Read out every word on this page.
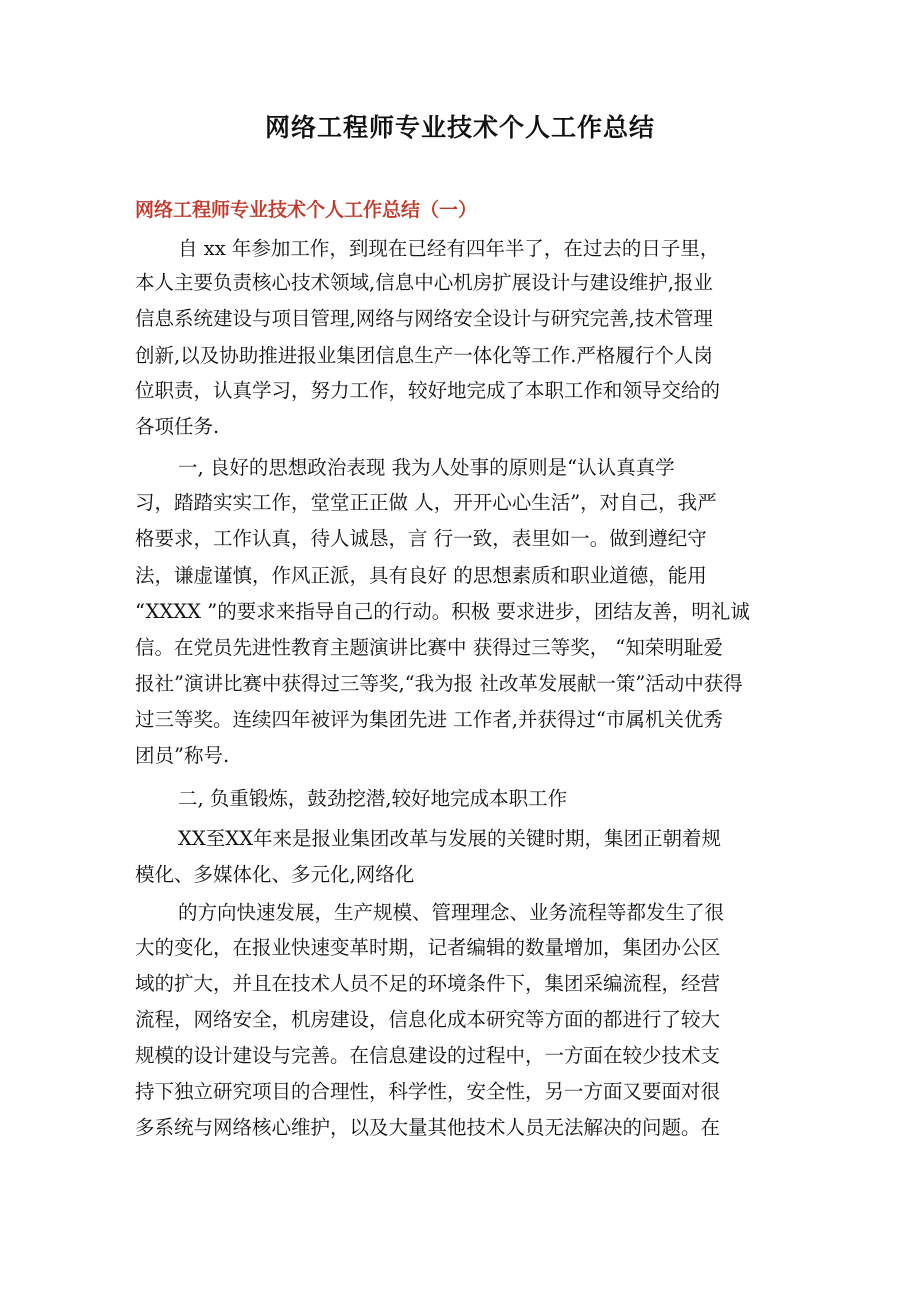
网络工程师专业技术个人工作总结
网络工程师专业技术个人工作总结（一）

自 xx 年参加工作，到现在已经有四年半了，在过去的日子里，

本人主要负责核心技术领域,信息中心机房扩展设计与建设维护,报业

信息系统建设与项目管理,网络与网络安全设计与研究完善,技术管理

创新,以及协助推进报业集团信息生产一体化等工作.严格履行个人岗

位职责，认真学习，努力工作，较好地完成了本职工作和领导交给的

各项任务.

一, 良好的思想政治表现 我为人处事的原则是“认认真真学

习，踏踏实实工作，堂堂正正做 人，开开心心生活”，对自己，我严

格要求，工作认真，待人诚恳，言 行一致，表里如一。做到遵纪守

法，谦虚谨慎，作风正派，具有良好 的思想素质和职业道德，能用

“XXXX ”的要求来指导自己的行动。积极 要求进步，团结友善，明礼诚

信。在党员先进性教育主题演讲比赛中 获得过三等奖， “知荣明耻爱

报社”演讲比赛中获得过三等奖,“我为报 社改革发展献一策”活动中获得

过三等奖。连续四年被评为集团先进 工作者,并获得过“市属机关优秀

团员”称号.

二, 负重锻炼，鼓劲挖潜,较好地完成本职工作

XX至XX年来是报业集团改革与发展的关键时期，集团正朝着规

模化、多媒体化、多元化,网络化

的方向快速发展，生产规模、管理理念、业务流程等都发生了很

大的变化，在报业快速变革时期，记者编辑的数量增加，集团办公区

域的扩大，并且在技术人员不足的环境条件下，集团采编流程，经营

流程，网络安全，机房建设，信息化成本研究等方面的都进行了较大

规模的设计建设与完善。在信息建设的过程中，一方面在较少技术支

持下独立研究项目的合理性，科学性，安全性，另一方面又要面对很

多系统与网络核心维护，以及大量其他技术人员无法解决的问题。在
